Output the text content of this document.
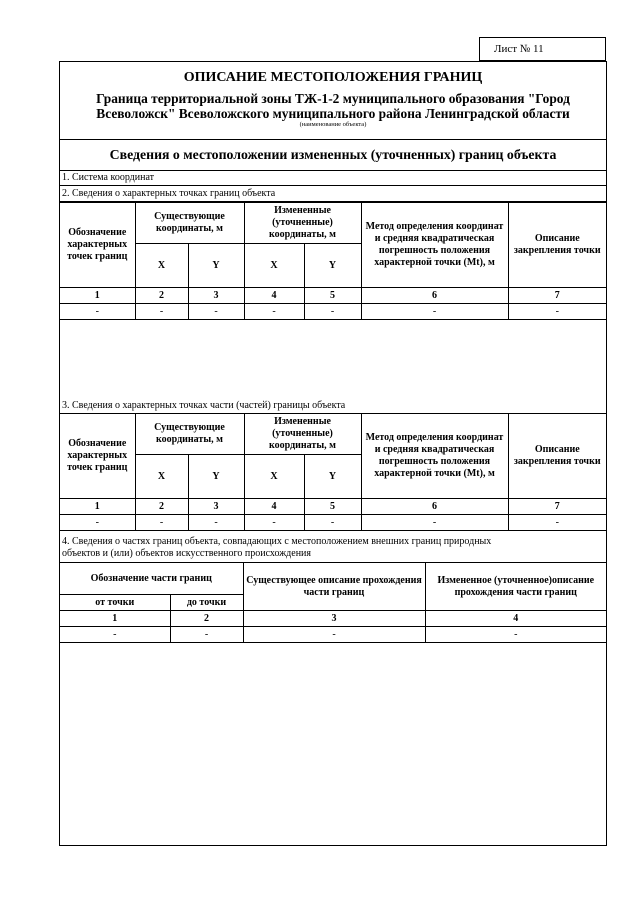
Лист № 11
ОПИСАНИЕ МЕСТОПОЛОЖЕНИЯ ГРАНИЦ
Граница территориальной зоны ТЖ-1-2 муниципального образования "Город
Всеволожск" Всеволожского муниципального района Ленинградской области
(наименование объекта)
Сведения о местоположении измененных (уточненных) границ объекта
1. Система координат
2. Сведения о характерных точках границ объекта
Обозначение характерных точек границ	Существующие координаты, м		Измененные (уточненные) координаты, м		Метод определения координат и средняя квадратическая погрешность положения характерной точки (Mt), м	Описание закрепления точки
	X	Y	X	Y		
1	2	3	4	5	6	7
-	-	-	-	-	-	-
3. Сведения о характерных точках части (частей) границы объекта
Обозначение характерных точек границ	Существующие координаты, м		Измененные (уточненные) координаты, м		Метод определения координат и средняя квадратическая погрешность положения характерной точки (Mt), м	Описание закрепления точки
	X	Y	X	Y		
1	2	3	4	5	6	7
-	-	-	-	-	-	-
4. Сведения о частях границ объекта, совпадающих с местоположением внешних границ природных
объектов и (или) объектов искусственного происхождения
Обозначение части границ		Существующее описание прохождения части границ	Измененное (уточненное)описание прохождения части границ
от точки	до точки		
1	2	3	4
-	-	-	-
